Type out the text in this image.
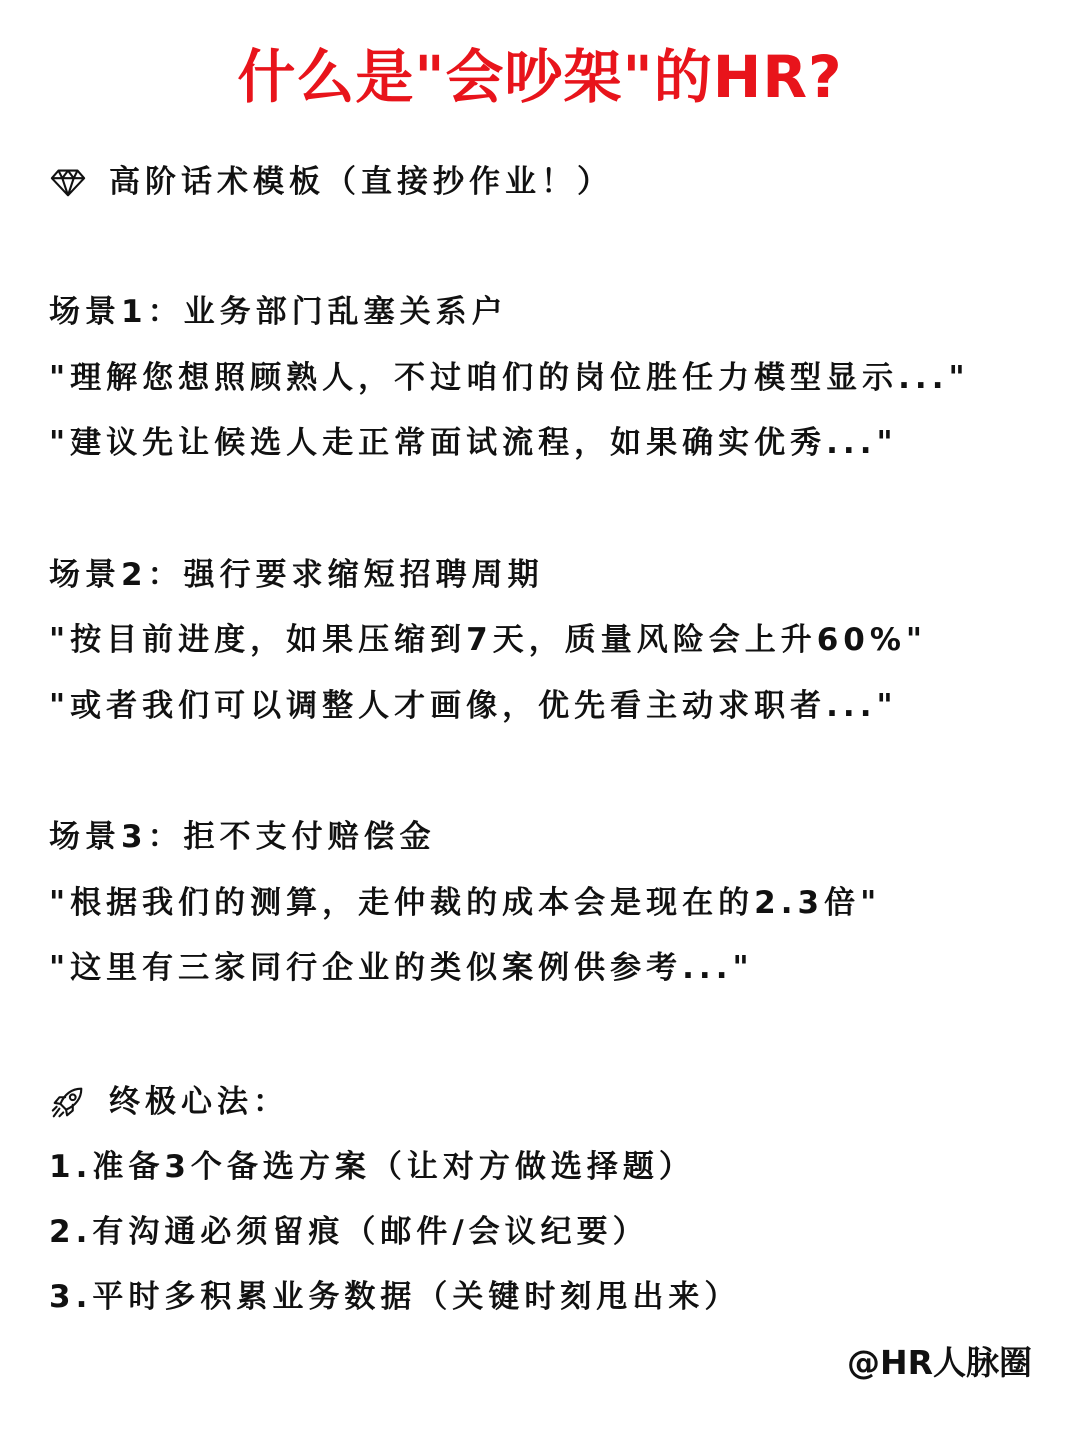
什么是"会吵架"的HR?
高阶话术模板（直接抄作业！）
场景1：业务部门乱塞关系户
"理解您想照顾熟人，不过咱们的岗位胜任力模型显示..."
"建议先让候选人走正常面试流程，如果确实优秀..."
场景2：强行要求缩短招聘周期
"按目前进度，如果压缩到7天，质量风险会上升60%"
"或者我们可以调整人才画像，优先看主动求职者..."
场景3：拒不支付赔偿金
"根据我们的测算，走仲裁的成本会是现在的2.3倍"
"这里有三家同行企业的类似案例供参考..."
终极心法：
1.准备3个备选方案（让对方做选择题）
2.有沟通必须留痕（邮件/会议纪要）
3.平时多积累业务数据（关键时刻甩出来）
@HR人脉圈
